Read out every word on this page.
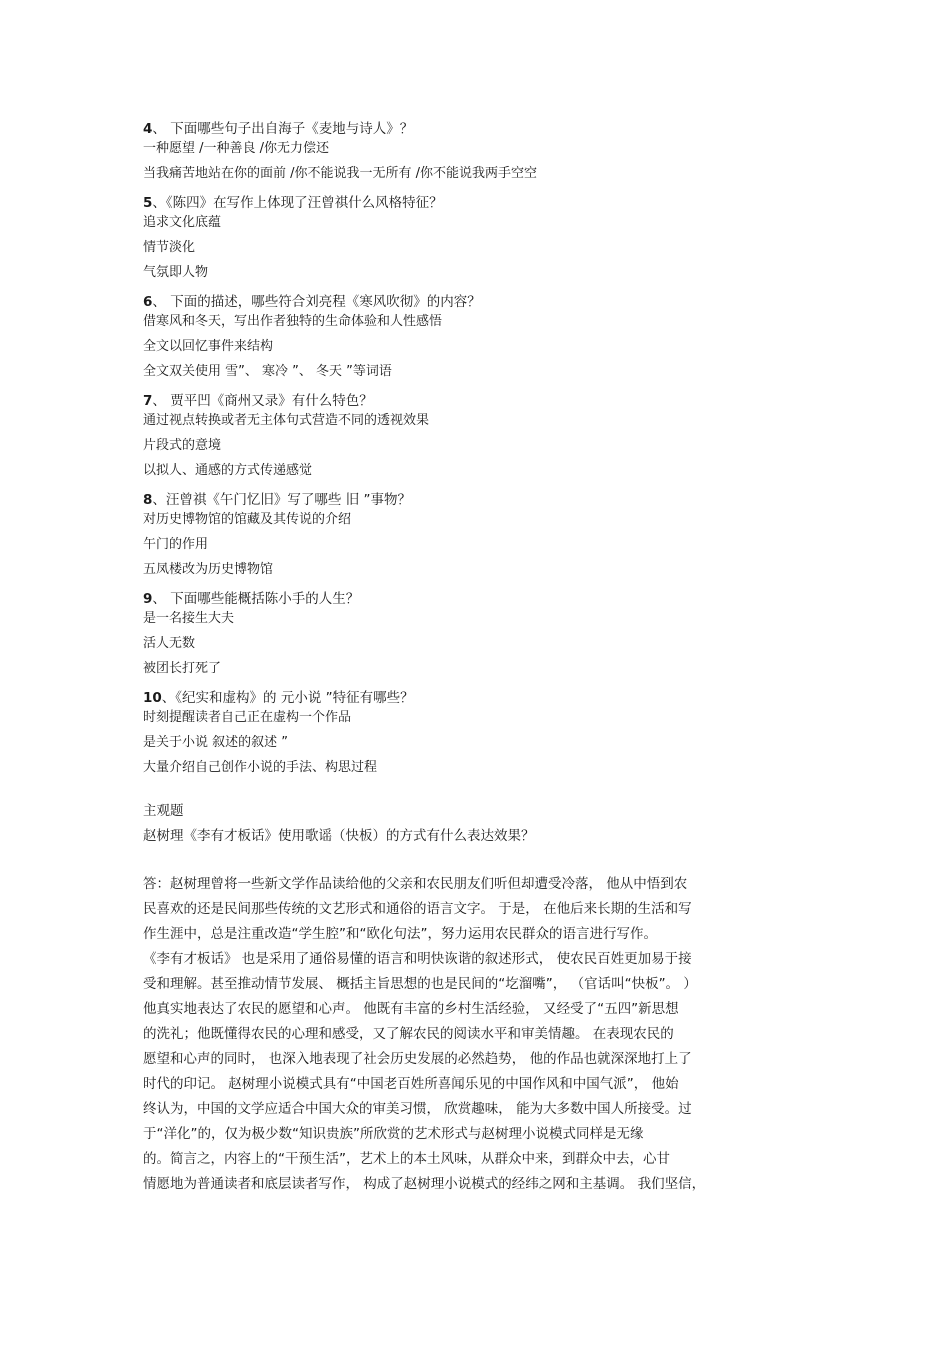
4、 下面哪些句子出自海子《麦地与诗人》？
一种愿望 /一种善良 /你无力偿还
当我痛苦地站在你的面前 /你不能说我一无所有 /你不能说我两手空空
5、《陈四》在写作上体现了汪曾祺什么风格特征？
追求文化底蕴
情节淡化
气氛即人物
6、 下面的描述，哪些符合刘亮程《寒风吹彻》的内容？
借寒风和冬天，写出作者独特的生命体验和人性感悟
全文以回忆事件来结构
全文双关使用 雪”、 寒冷 ”、 冬天 ”等词语
7、 贾平凹《商州又录》有什么特色？
通过视点转换或者无主体句式营造不同的透视效果
片段式的意境
以拟人、通感的方式传递感觉
8、汪曾祺《午门忆旧》写了哪些 旧 ”事物？
对历史博物馆的馆藏及其传说的介绍
午门的作用
五凤楼改为历史博物馆
9、 下面哪些能概括陈小手的人生？
是一名接生大夫
活人无数
被团长打死了
10、《纪实和虚构》的 元小说 ”特征有哪些？
时刻提醒读者自己正在虚构一个作品
是关于小说 叙述的叙述 ”
大量介绍自己创作小说的手法、构思过程
主观题
赵树理《李有才板话》使用歌谣（快板）的方式有什么表达效果？
答：赵树理曾将一些新文学作品读给他的父亲和农民朋友们听但却遭受冷落， 他从中悟到农
民喜欢的还是民间那些传统的文艺形式和通俗的语言文字。 于是， 在他后来长期的生活和写
作生涯中，总是注重改造“学生腔”和“欧化句法”，努力运用农民群众的语言进行写作。
《李有才板话》 也是采用了通俗易懂的语言和明快诙谐的叙述形式， 使农民百姓更加易于接
受和理解。甚至推动情节发展、 概括主旨思想的也是民间的“圪溜嘴”， （官话叫“快板”。 ）
他真实地表达了农民的愿望和心声。 他既有丰富的乡村生活经验， 又经受了“五四”新思想
的洗礼；他既懂得农民的心理和感受，又了解农民的阅读水平和审美情趣。 在表现农民的
愿望和心声的同时， 也深入地表现了社会历史发展的必然趋势， 他的作品也就深深地打上了
时代的印记。 赵树理小说模式具有“中国老百姓所喜闻乐见的中国作风和中国气派”， 他始
终认为，中国的文学应适合中国大众的审美习惯， 欣赏趣味， 能为大多数中国人所接受。过
于“洋化”的，仅为极少数“知识贵族”所欣赏的艺术形式与赵树理小说模式同样是无缘
的。简言之，内容上的“干预生活”，艺术上的本土风味，从群众中来，到群众中去，心甘
情愿地为普通读者和底层读者写作， 构成了赵树理小说模式的经纬之网和主基调。 我们坚信，
